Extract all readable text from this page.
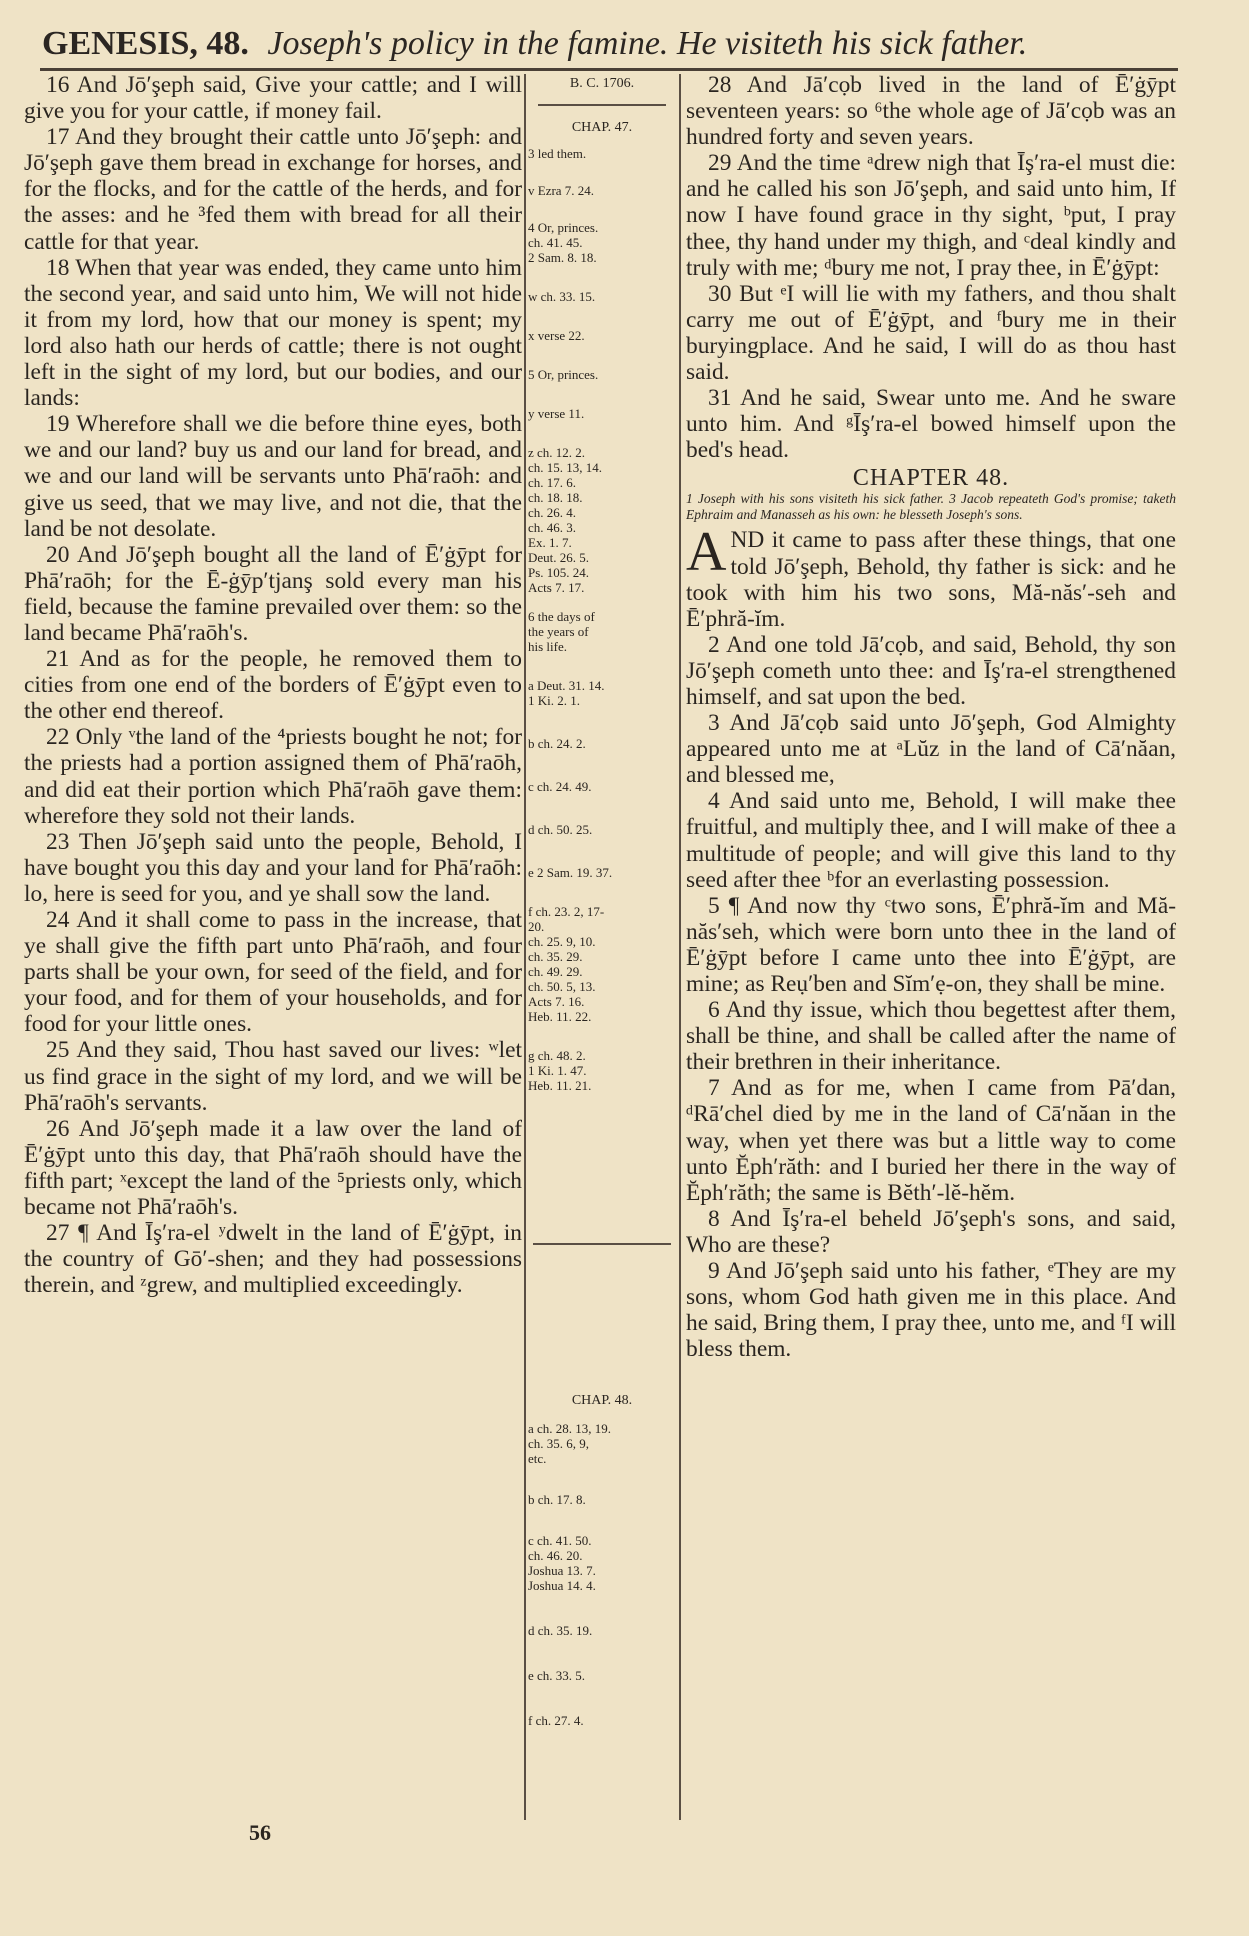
GENESIS, 48. Joseph's policy in the famine. He visiteth his sick father.

16 And Jō′şeph said, Give your cattle; and I will give you for your cattle, if money fail.

17 And they brought their cattle unto Jō′şeph: and Jō′şeph gave them bread in exchange for horses, and for the flocks, and for the cattle of the herds, and for the asses: and he ³fed them with bread for all their cattle for that year.

18 When that year was ended, they came unto him the second year, and said unto him, We will not hide it from my lord, how that our money is spent; my lord also hath our herds of cattle; there is not ought left in the sight of my lord, but our bodies, and our lands:

19 Wherefore shall we die before thine eyes, both we and our land? buy us and our land for bread, and we and our land will be servants unto Phā′raōh: and give us seed, that we may live, and not die, that the land be not desolate.

20 And Jō′şeph bought all the land of Ē′ġȳpt for Phā′raōh; for the Ē-ġȳp′tjanş sold every man his field, because the famine prevailed over them: so the land became Phā′raōh's.

21 And as for the people, he removed them to cities from one end of the borders of Ē′ġȳpt even to the other end thereof.

22 Only ᵛthe land of the ⁴priests bought he not; for the priests had a portion assigned them of Phā′raōh, and did eat their portion which Phā′raōh gave them: wherefore they sold not their lands.

23 Then Jō′şeph said unto the people, Behold, I have bought you this day and your land for Phā′raōh: lo, here is seed for you, and ye shall sow the land.

24 And it shall come to pass in the increase, that ye shall give the fifth part unto Phā′raōh, and four parts shall be your own, for seed of the field, and for your food, and for them of your households, and for food for your little ones.

25 And they said, Thou hast saved our lives: ʷlet us find grace in the sight of my lord, and we will be Phā′raōh's servants.

26 And Jō′şeph made it a law over the land of Ē′ġȳpt unto this day, that Phā′raōh should have the fifth part; ˣexcept the land of the ⁵priests only, which became not Phā′raōh's.

27 ¶ And Īş′ra-el ʸdwelt in the land of Ē′ġȳpt, in the country of Gō′-shen; and they had possessions therein, and ᶻgrew, and multiplied exceedingly.

B. C. 1706.

CHAP. 47.

3 led them.

v Ezra 7. 24.

4 Or, princes.
ch. 41. 45.
2 Sam. 8. 18.

w ch. 33. 15.

x verse 22.

5 Or, princes.

y verse 11.

z ch. 12. 2.
ch. 15. 13, 14.
ch. 17. 6.
ch. 18. 18.
ch. 26. 4.
ch. 46. 3.
Ex. 1. 7.
Deut. 26. 5.
Ps. 105. 24.
Acts 7. 17.

6 the days of
the years of
his life.

a Deut. 31. 14.
1 Ki. 2. 1.

b ch. 24. 2.

c ch. 24. 49.

d ch. 50. 25.

e 2 Sam. 19. 37.

f ch. 23. 2, 17-
20.
ch. 25. 9, 10.
ch. 35. 29.
ch. 49. 29.
ch. 50. 5, 13.
Acts 7. 16.
Heb. 11. 22.

g ch. 48. 2.
1 Ki. 1. 47.
Heb. 11. 21.

CHAP. 48.

a ch. 28. 13, 19.
ch. 35. 6, 9,
etc.

b ch. 17. 8.

c ch. 41. 50.
ch. 46. 20.
Joshua 13. 7.
Joshua 14. 4.

d ch. 35. 19.

e ch. 33. 5.

f ch. 27. 4.

28 And Jā′cọb lived in the land of Ē′ġȳpt seventeen years: so ⁶the whole age of Jā′cọb was an hundred forty and seven years.

29 And the time ᵃdrew nigh that Īş′ra-el must die: and he called his son Jō′şeph, and said unto him, If now I have found grace in thy sight, ᵇput, I pray thee, thy hand under my thigh, and ᶜdeal kindly and truly with me; ᵈbury me not, I pray thee, in Ē′ġȳpt:

30 But ᵉI will lie with my fathers, and thou shalt carry me out of Ē′ġȳpt, and ᶠbury me in their buryingplace. And he said, I will do as thou hast said.

31 And he said, Swear unto me. And he sware unto him. And ᵍĪş′ra-el bowed himself upon the bed's head.

CHAPTER 48.

1 Joseph with his sons visiteth his sick father. 3 Jacob repeateth God's promise; taketh Ephraim and Manasseh as his own: he blesseth Joseph's sons.

AND it came to pass after these things, that one told Jō′şeph, Behold, thy father is sick: and he took with him his two sons, Mă-năs′-seh and Ē′phră-ĭm.

2 And one told Jā′cọb, and said, Behold, thy son Jō′şeph cometh unto thee: and Īş′ra-el strengthened himself, and sat upon the bed.

3 And Jā′cọb said unto Jō′şeph, God Almighty appeared unto me at ᵃLŭz in the land of Cā′năan, and blessed me,

4 And said unto me, Behold, I will make thee fruitful, and multiply thee, and I will make of thee a multitude of people; and will give this land to thy seed after thee ᵇfor an everlasting possession.

5 ¶ And now thy ᶜtwo sons, Ē′phră-ĭm and Mă-năs′seh, which were born unto thee in the land of Ē′ġȳpt before I came unto thee into Ē′ġȳpt, are mine; as Reụ′ben and Sĭm′ẹ-on, they shall be mine.

6 And thy issue, which thou begettest after them, shall be thine, and shall be called after the name of their brethren in their inheritance.

7 And as for me, when I came from Pā′dan, ᵈRā′chel died by me in the land of Cā′năan in the way, when yet there was but a little way to come unto Ĕph′răth: and I buried her there in the way of Ĕph′răth; the same is Bĕth′-lĕ-hĕm.

8 And Īş′ra-el beheld Jō′şeph's sons, and said, Who are these?

9 And Jō′şeph said unto his father, ᵉThey are my sons, whom God hath given me in this place. And he said, Bring them, I pray thee, unto me, and ᶠI will bless them.

56
